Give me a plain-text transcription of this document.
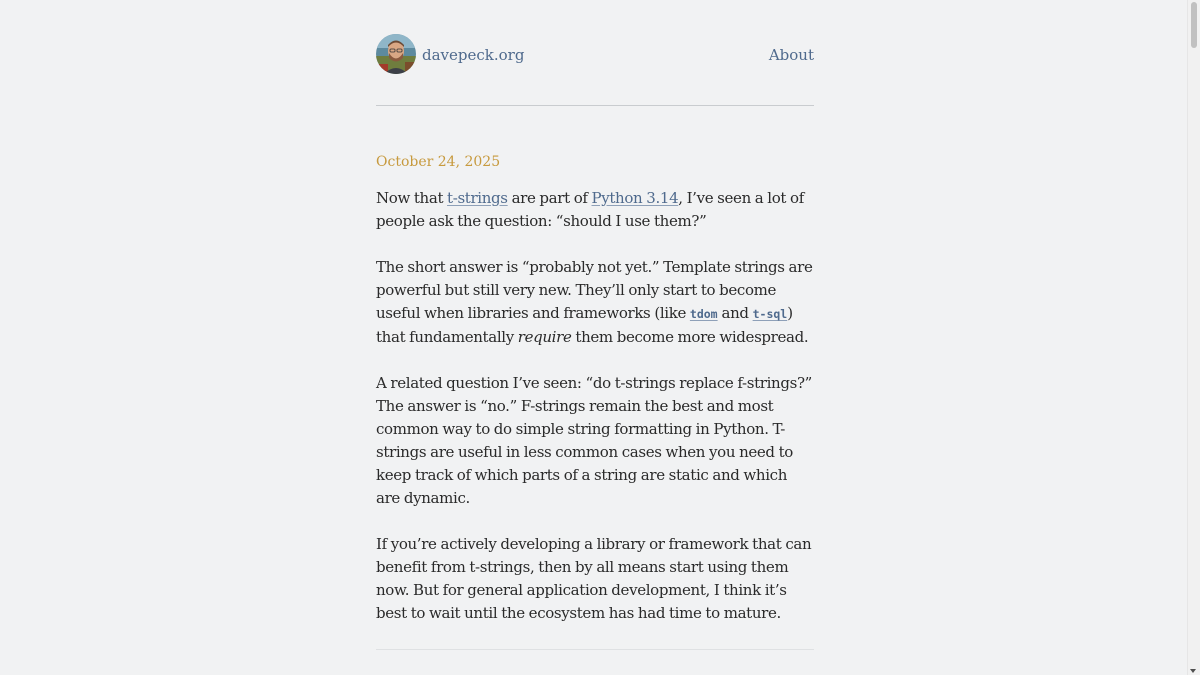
davepeck.org	About
October 24, 2025

Now that t-strings are part of Python 3.14, I’ve seen a lot of people ask the question: “should I use them?”

The short answer is “probably not yet.” Template strings are powerful but still very new. They’ll only start to become useful when libraries and frameworks (like tdom and t-sql) that fundamentally require them become more widespread.

A related question I’ve seen: “do t-strings replace f-strings?” The answer is “no.” F-strings remain the best and most common way to do simple string formatting in Python. T-strings are useful in less common cases when you need to keep track of which parts of a string are static and which are dynamic.

If you’re actively developing a library or framework that can benefit from t-strings, then by all means start using them now. But for general application development, I think it’s best to wait until the ecosystem has had time to mature.
